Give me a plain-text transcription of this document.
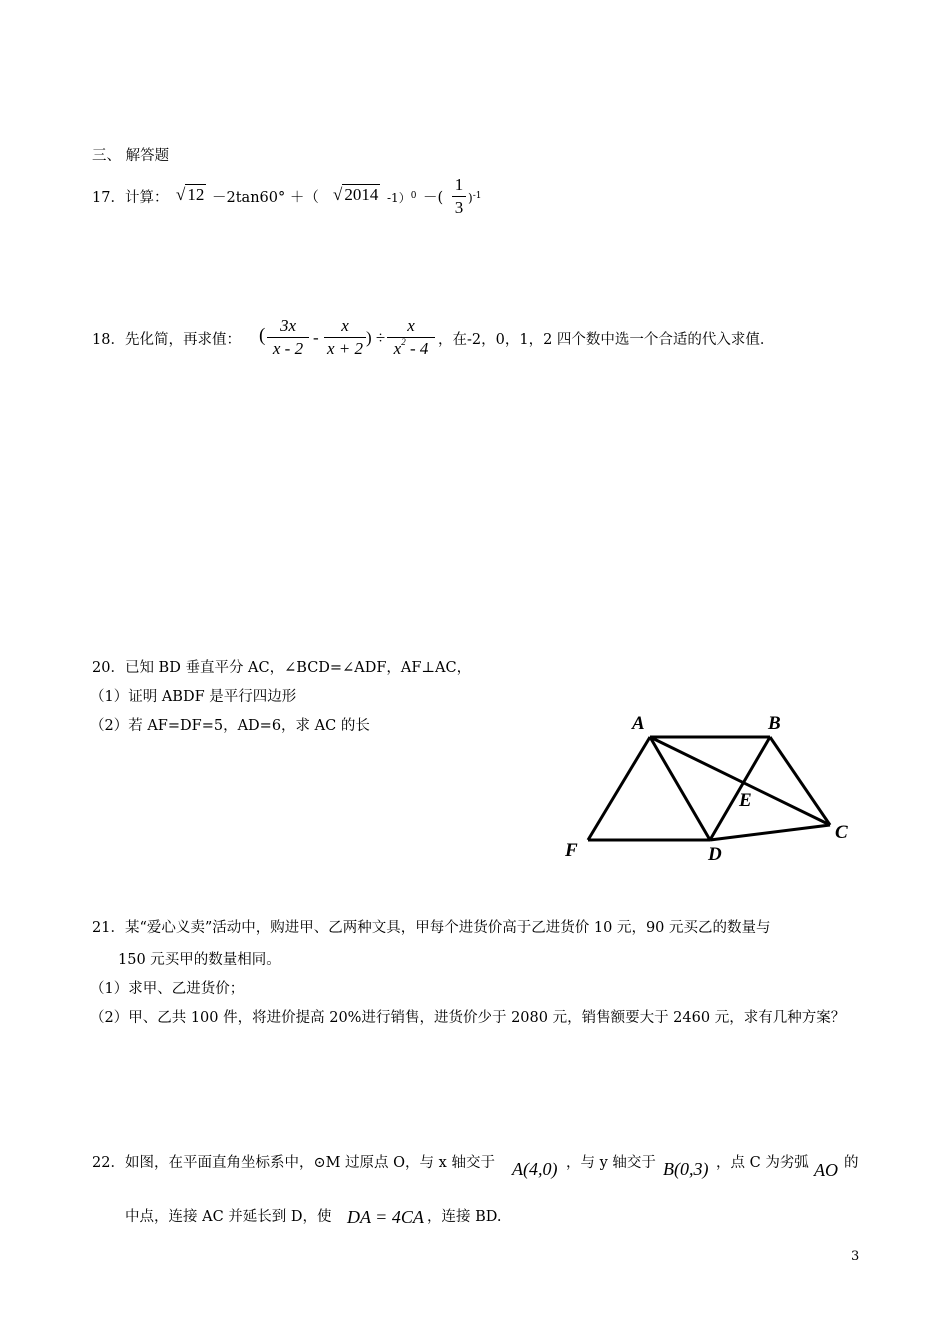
三、 解答题
17．计算： √ 12 －2tan60° ＋（ √ 2014 -1）$^0$ －(
1
3 )$^{-1}$
18．先化简，再求值： ( 3x
x - 2
-
x
x + 2
) ÷
x
$x^2 - 4$ ，在-2，0，1，2 四个数中选一个合适的代入求值．
20．已知 BD 垂直平分 AC，∠BCD=∠ADF，AF⊥AC，
（1）证明 ABDF 是平行四边形
（2）若 AF=DF=5，AD=6，求 AC 的长	A	B
C
D
E
F
21．某“爱心义卖”活动中，购进甲、乙两种文具，甲每个进货价高于乙进货价 10 元，90 元买乙的数量与
150 元买甲的数量相同。
（1）求甲、乙进货价；
（2）甲、乙共 100 件，将进价提高 20%进行销售，进货价少于 2080 元，销售额要大于 2460 元，求有几种方案？
22．如图，在平面直角坐标系中，⊙M 过原点 O，与 x 轴交于 A(4,0) ，与 y 轴交于 B(0,3) ，点 C 为劣弧 AO 的
中点，连接 AC 并延长到 D，使 DA = 4CA ，连接 BD.
3
